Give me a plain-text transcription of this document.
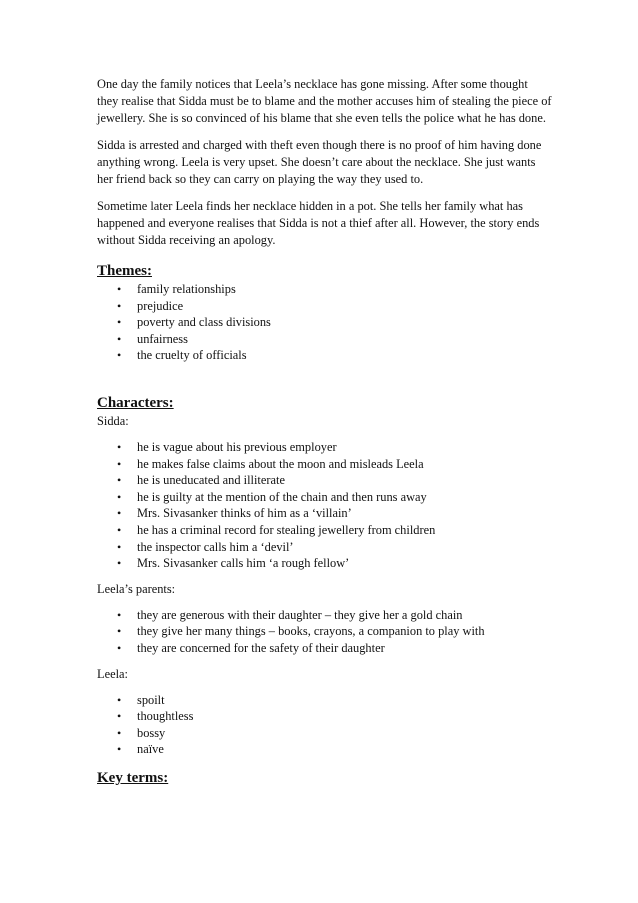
One day the family notices that Leela’s necklace has gone missing. After some thought they realise that Sidda must be to blame and the mother accuses him of stealing the piece of jewellery. She is so convinced of his blame that she even tells the police what he has done.

Sidda is arrested and charged with theft even though there is no proof of him having done anything wrong. Leela is very upset. She doesn’t care about the necklace. She just wants her friend back so they can carry on playing the way they used to.

Sometime later Leela finds her necklace hidden in a pot. She tells her family what has happened and everyone realises that Sidda is not a thief after all. However, the story ends without Sidda receiving an apology.

Themes:
• family relationships
• prejudice
• poverty and class divisions
• unfairness
• the cruelty of officials
Characters:

Sidda:

• he is vague about his previous employer
• he makes false claims about the moon and misleads Leela
• he is uneducated and illiterate
• he is guilty at the mention of the chain and then runs away
• Mrs. Sivasanker thinks of him as a ‘villain’
• he has a criminal record for stealing jewellery from children
• the inspector calls him a ‘devil’
• Mrs. Sivasanker calls him ‘a rough fellow’

Leela’s parents:

• they are generous with their daughter – they give her a gold chain
• they give her many things – books, crayons, a companion to play with
• they are concerned for the safety of their daughter

Leela:

• spoilt
• thoughtless
• bossy
• naïve
Key terms:
